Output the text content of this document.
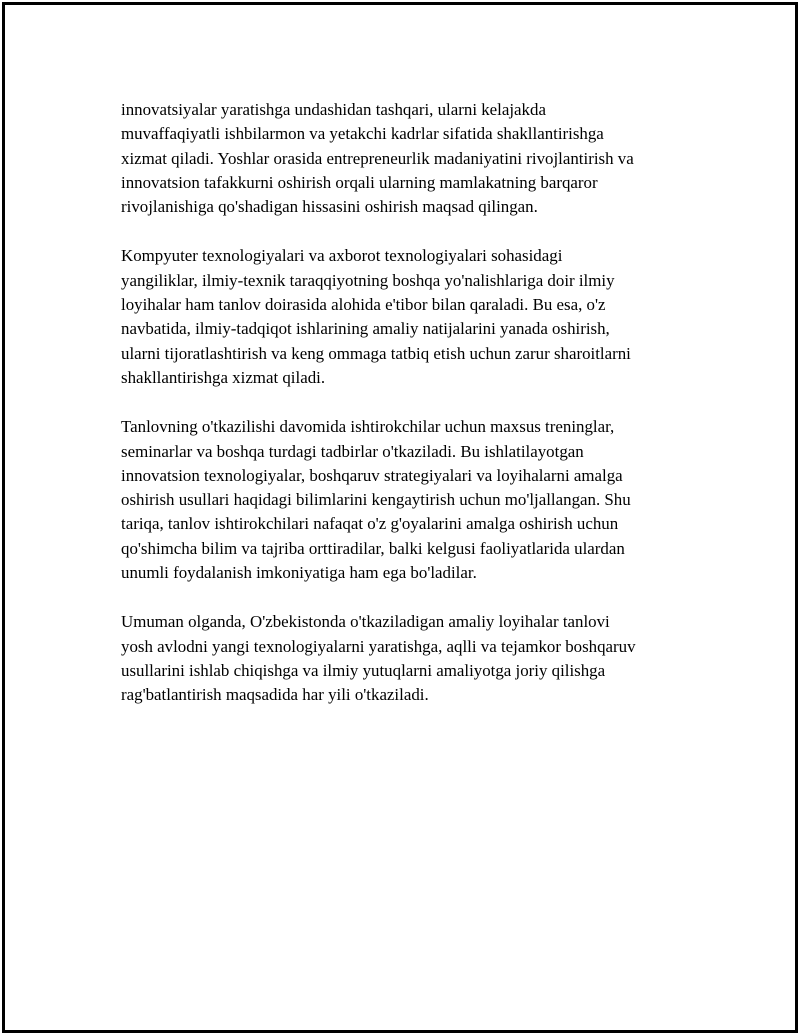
innovatsiyalar yaratishga undashidan tashqari, ularni kelajakda
muvaffaqiyatli ishbilarmon va yetakchi kadrlar sifatida shakllantirishga
xizmat qiladi. Yoshlar orasida entrepreneurlik madaniyatini rivojlantirish va
innovatsion tafakkurni oshirish orqali ularning mamlakatning barqaror
rivojlanishiga qo'shadigan hissasini oshirish maqsad qilingan.

Kompyuter texnologiyalari va axborot texnologiyalari sohasidagi
yangiliklar, ilmiy-texnik taraqqiyotning boshqa yo'nalishlariga doir ilmiy
loyihalar ham tanlov doirasida alohida e'tibor bilan qaraladi. Bu esa, o'z
navbatida, ilmiy-tadqiqot ishlarining amaliy natijalarini yanada oshirish,
ularni tijoratlashtirish va keng ommaga tatbiq etish uchun zarur sharoitlarni
shakllantirishga xizmat qiladi.

Tanlovning o'tkazilishi davomida ishtirokchilar uchun maxsus treninglar,
seminarlar va boshqa turdagi tadbirlar o'tkaziladi. Bu ishlatilayotgan
innovatsion texnologiyalar, boshqaruv strategiyalari va loyihalarni amalga
oshirish usullari haqidagi bilimlarini kengaytirish uchun mo'ljallangan. Shu
tariqa, tanlov ishtirokchilari nafaqat o'z g'oyalarini amalga oshirish uchun
qo'shimcha bilim va tajriba orttiradilar, balki kelgusi faoliyatlarida ulardan
unumli foydalanish imkoniyatiga ham ega bo'ladilar.

Umuman olganda, O'zbekistonda o'tkaziladigan amaliy loyihalar tanlovi
yosh avlodni yangi texnologiyalarni yaratishga, aqlli va tejamkor boshqaruv
usullarini ishlab chiqishga va ilmiy yutuqlarni amaliyotga joriy qilishga
rag'batlantirish maqsadida har yili o'tkaziladi.
